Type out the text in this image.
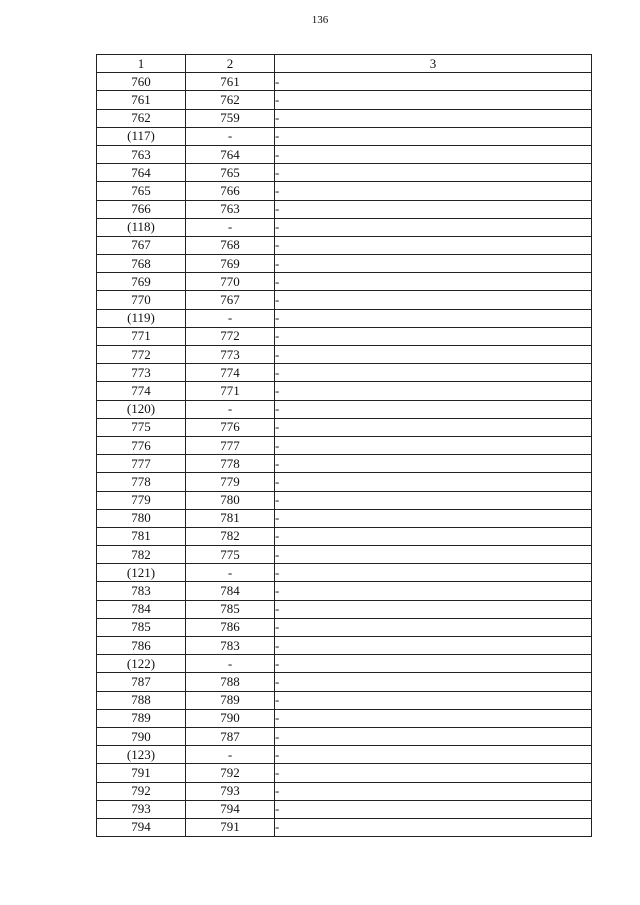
136
1	2	3
760	761	-
761	762	-
762	759	-
(117)	-	-
763	764	-
764	765	-
765	766	-
766	763	-
(118)	-	-
767	768	-
768	769	-
769	770	-
770	767	-
(119)	-	-
771	772	-
772	773	-
773	774	-
774	771	-
(120)	-	-
775	776	-
776	777	-
777	778	-
778	779	-
779	780	-
780	781	-
781	782	-
782	775	-
(121)	-	-
783	784	-
784	785	-
785	786	-
786	783	-
(122)	-	-
787	788	-
788	789	-
789	790	-
790	787	-
(123)	-	-
791	792	-
792	793	-
793	794	-
794	791	-
